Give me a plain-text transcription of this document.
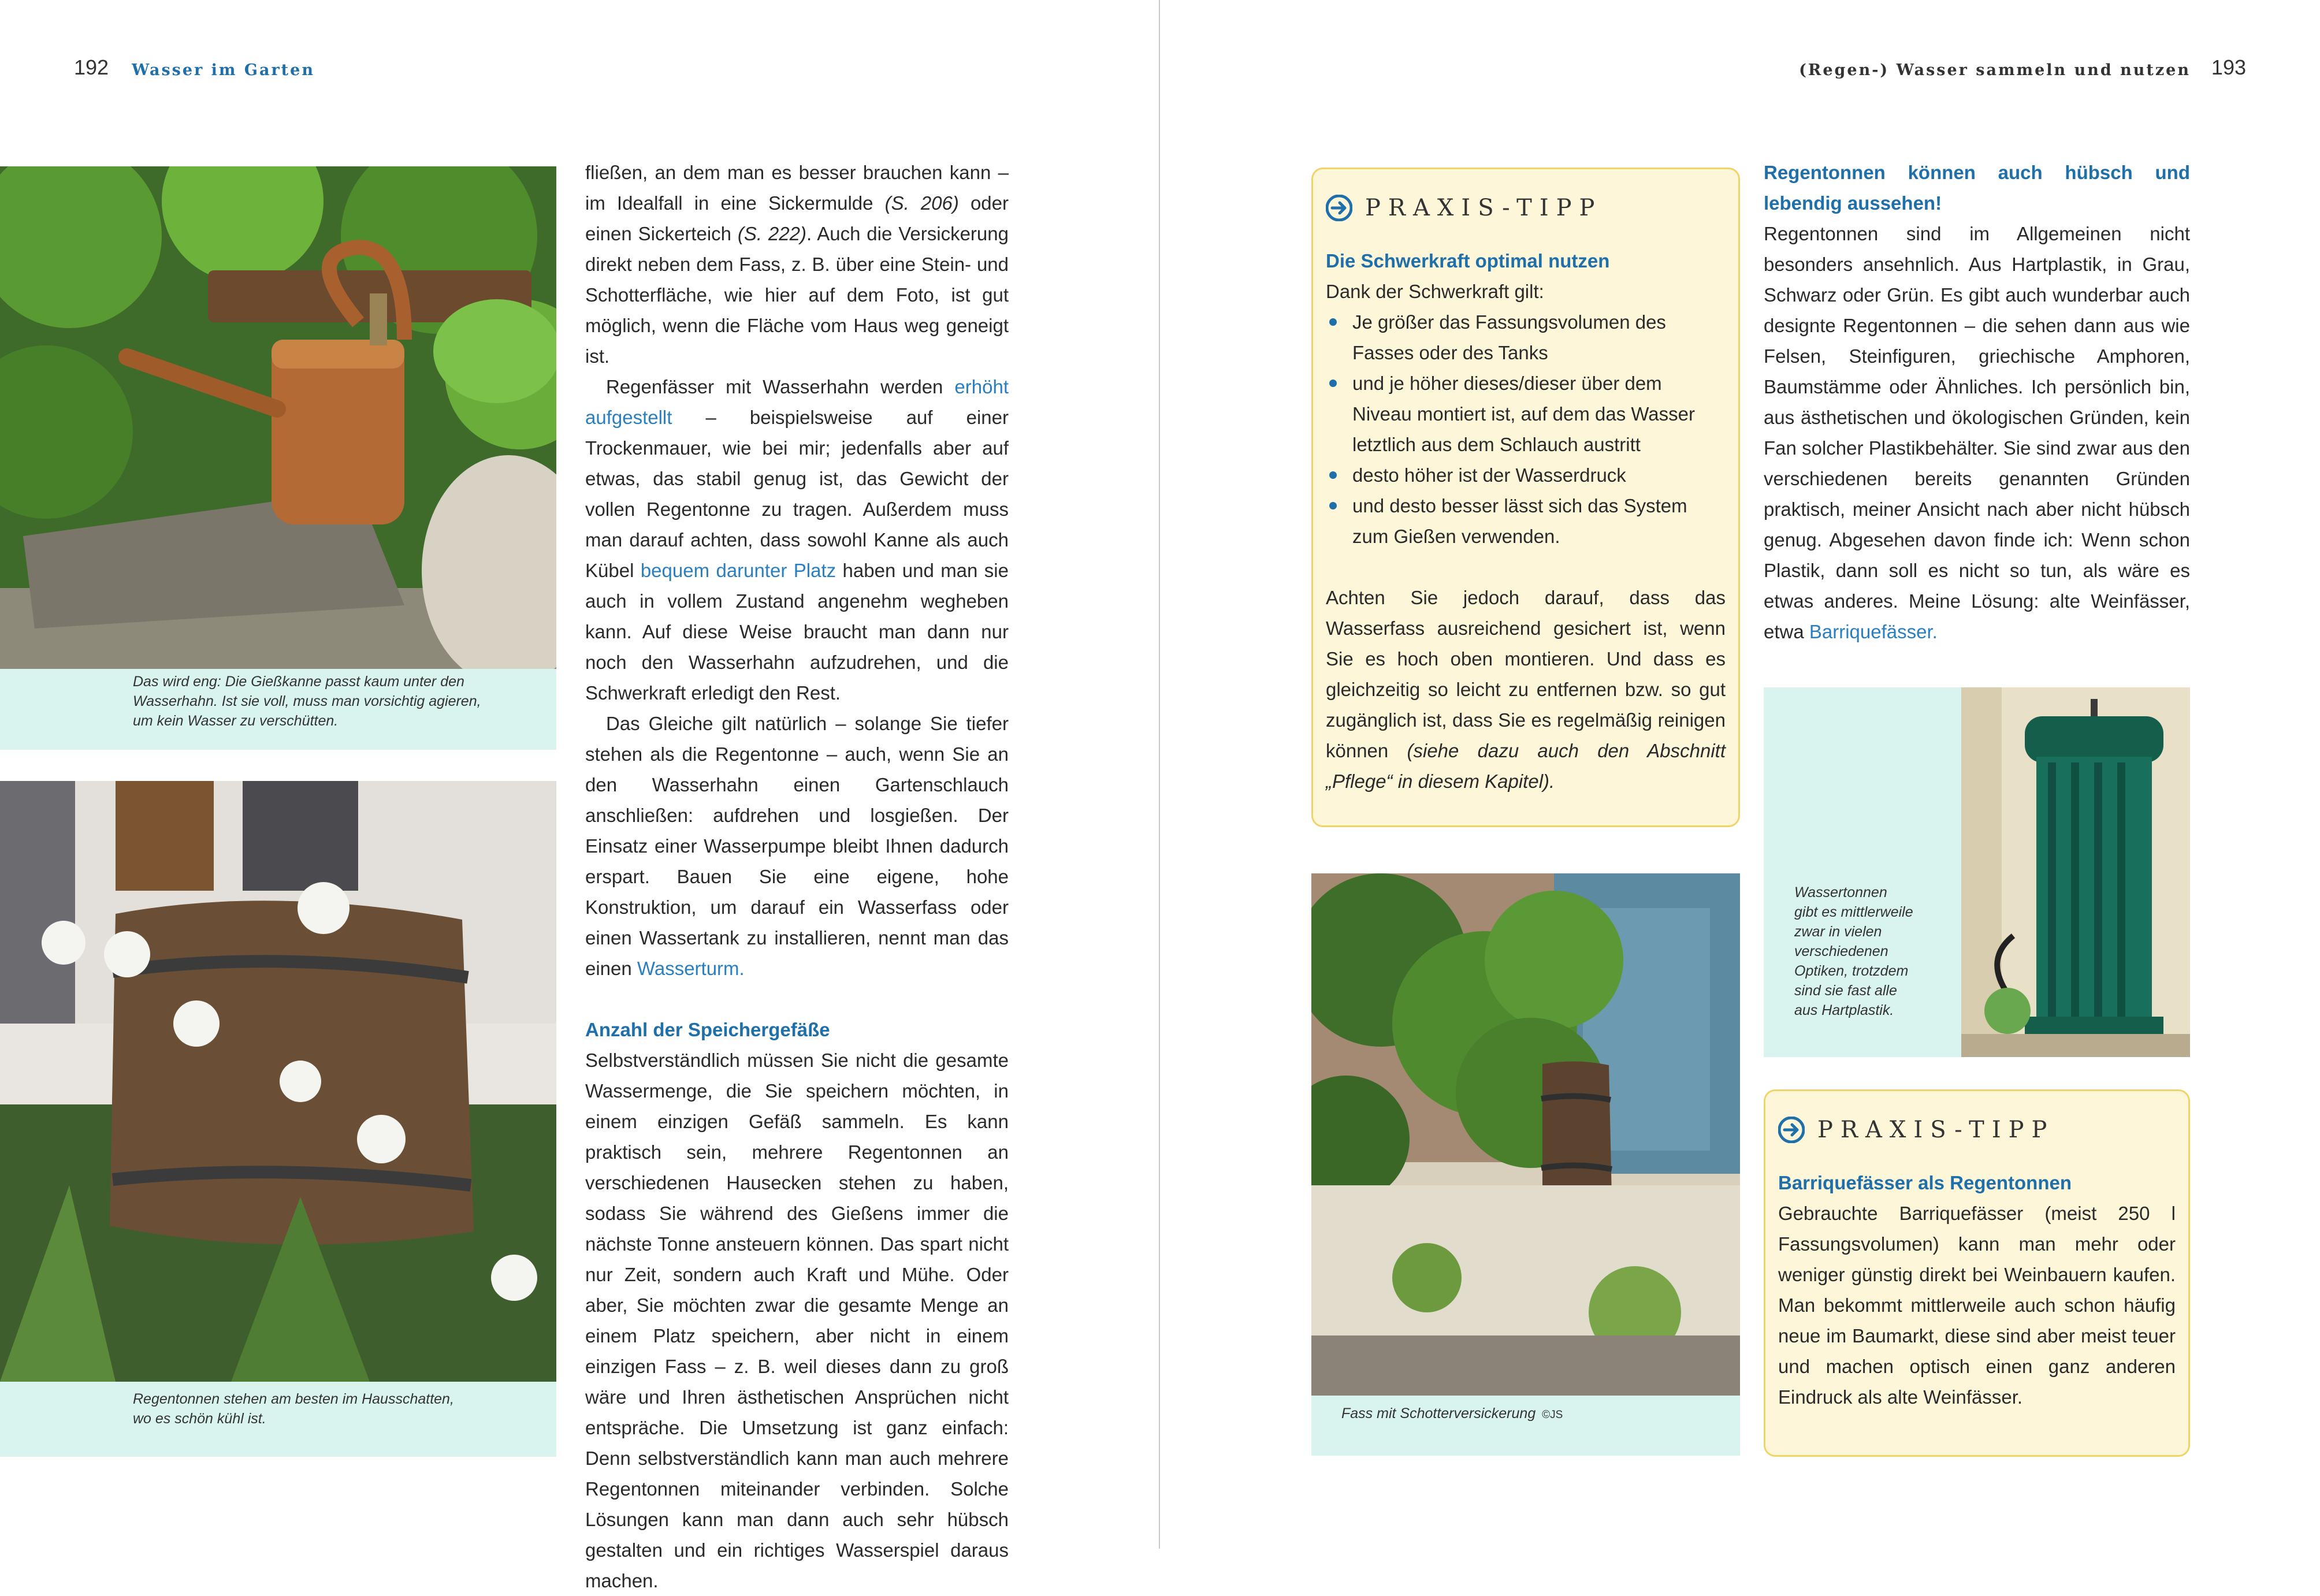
192 Wasser im Garten
Das wird eng: Die Gießkanne passt kaum unter den
Wasserhahn. Ist sie voll, muss man vorsichtig agieren,
um kein Wasser zu verschütten.
Regentonnen stehen am besten im Hausschatten,
wo es schön kühl ist.

fließen, an dem man es besser brauchen kann – im Idealfall in eine Sickermulde (S. 206) oder einen Sickerteich (S. 222). Auch die Versickerung direkt neben dem Fass, z. B. über eine Stein- und Schotterfläche, wie hier auf dem Foto, ist gut möglich, wenn die Fläche vom Haus weg geneigt ist.

Regenfässer mit Wasserhahn werden erhöht aufgestellt – beispielsweise auf einer Trockenmauer, wie bei mir; jedenfalls aber auf etwas, das stabil genug ist, das Gewicht der vollen Regentonne zu tragen. Außerdem muss man darauf achten, dass sowohl Kanne als auch Kübel bequem darunter Platz haben und man sie auch in vollem Zustand angenehm wegheben kann. Auf diese Weise braucht man dann nur noch den Wasserhahn aufzudrehen, und die Schwerkraft erledigt den Rest.

Das Gleiche gilt natürlich – solange Sie tiefer stehen als die Regentonne – auch, wenn Sie an den Wasserhahn einen Gartenschlauch anschließen: aufdrehen und losgießen. Der Einsatz einer Wasserpumpe bleibt Ihnen dadurch erspart. Bauen Sie eine eigene, hohe Konstruktion, um darauf ein Wasserfass oder einen Wassertank zu installieren, nennt man das einen Wasserturm.

Anzahl der Speichergefäße

Selbstverständlich müssen Sie nicht die gesamte Wassermenge, die Sie speichern möchten, in einem einzigen Gefäß sammeln. Es kann praktisch sein, mehrere Regentonnen an verschiedenen Hausecken stehen zu haben, sodass Sie während des Gießens immer die nächste Tonne ansteuern können. Das spart nicht nur Zeit, sondern auch Kraft und Mühe. Oder aber, Sie möchten zwar die gesamte Menge an einem Platz speichern, aber nicht in einem einzigen Fass – z. B. weil dieses dann zu groß wäre und Ihren ästhetischen Ansprüchen nicht entspräche. Die Umsetzung ist ganz einfach: Denn selbstverständlich kann man auch mehrere Regentonnen miteinander verbinden. Solche Lösungen kann man dann auch sehr hübsch gestalten und ein richtiges Wasserspiel daraus machen.

(Regen-) Wasser sammeln und nutzen 193
PRAXIS-TIPP
Die Schwerkraft optimal nutzen
Dank der Schwerkraft gilt:
Je größer das Fassungsvolumen des Fasses oder des Tanks
und je höher dieses/dieser über dem Niveau montiert ist, auf dem das Wasser letztlich aus dem Schlauch austritt
desto höher ist der Wasserdruck
und desto besser lässt sich das System zum Gießen verwenden.

Achten Sie jedoch darauf, dass das Wasserfass ausreichend gesichert ist, wenn Sie es hoch oben montieren. Und dass es gleichzeitig so leicht zu entfernen bzw. so gut zugänglich ist, dass Sie es regelmäßig reinigen können (siehe dazu auch den Abschnitt „Pflege“ in diesem Kapitel).

Fass mit Schotterversickerung ©JS

Regentonnen können auch hübsch und lebendig aussehen!

Regentonnen sind im Allgemeinen nicht besonders ansehnlich. Aus Hartplastik, in Grau, Schwarz oder Grün. Es gibt auch wunderbar auch designte Regentonnen – die sehen dann aus wie Felsen, Steinfiguren, griechische Amphoren, Baumstämme oder Ähnliches. Ich persönlich bin, aus ästhetischen und ökologischen Gründen, kein Fan solcher Plastikbehälter. Sie sind zwar aus den verschiedenen bereits genannten Gründen praktisch, meiner Ansicht nach aber nicht hübsch genug. Abgesehen davon finde ich: Wenn schon Plastik, dann soll es nicht so tun, als wäre es etwas anderes. Meine Lösung: alte Weinfässer, etwa Barriquefässer.

Wassertonnen
gibt es mittlerweile
zwar in vielen
verschiedenen
Optiken, trotzdem
sind sie fast alle
aus Hartplastik.
PRAXIS-TIPP
Barriquefässer als Regentonnen

Gebrauchte Barriquefässer (meist 250 l Fassungsvolumen) kann man mehr oder weniger günstig direkt bei Weinbauern kaufen. Man bekommt mittlerweile auch schon häufig neue im Baumarkt, diese sind aber meist teuer und machen optisch einen ganz anderen Eindruck als alte Weinfässer.
